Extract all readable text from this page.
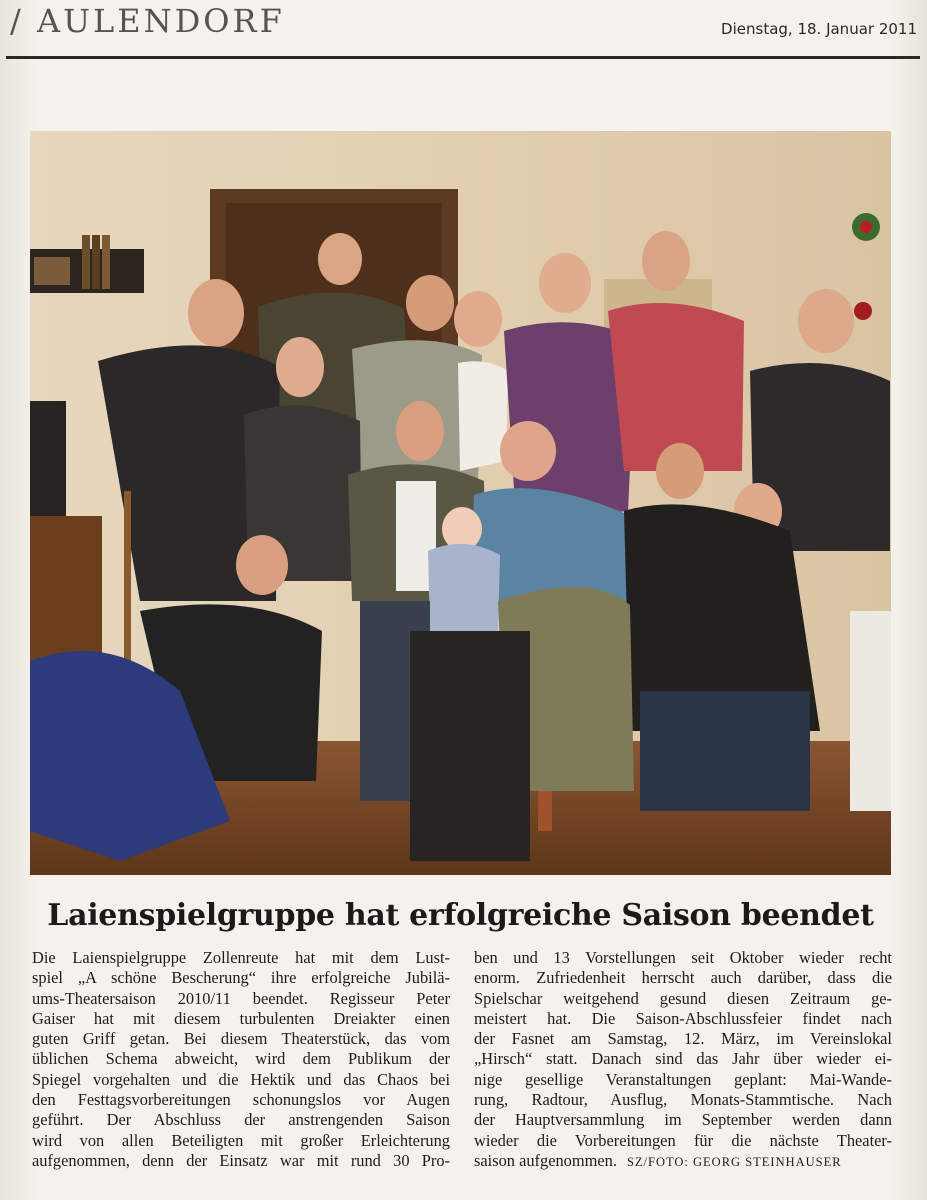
/ AULENDORF	Dienstag, 18. Januar 2011
Laienspielgruppe hat erfolgreiche Saison beendet
Die Laienspielgruppe Zollenreute hat mit dem Lust-
spiel „A schöne Bescherung“ ihre erfolgreiche Jubilä-
ums-Theatersaison 2010/11 beendet. Regisseur Peter
Gaiser hat mit diesem turbulenten Dreiakter einen
guten Griff getan. Bei diesem Theaterstück, das vom
üblichen Schema abweicht, wird dem Publikum der
Spiegel vorgehalten und die Hektik und das Chaos bei
den Festtagsvorbereitungen schonungslos vor Augen
geführt. Der Abschluss der anstrengenden Saison
wird von allen Beteiligten mit großer Erleichterung
aufgenommen, denn der Einsatz war mit rund 30 Pro-
ben und 13 Vorstellungen seit Oktober wieder recht
enorm. Zufriedenheit herrscht auch darüber, dass die
Spielschar weitgehend gesund diesen Zeitraum ge-
meistert hat. Die Saison-Abschlussfeier findet nach
der Fasnet am Samstag, 12. März, im Vereinslokal
„Hirsch“ statt. Danach sind das Jahr über wieder ei-
nige gesellige Veranstaltungen geplant: Mai-Wande-
rung, Radtour, Ausflug, Monats-Stammtische. Nach
der Hauptversammlung im September werden dann
wieder die Vorbereitungen für die nächste Theater-
saison aufgenommen. SZ/FOTO: GEORG STEINHAUSER
